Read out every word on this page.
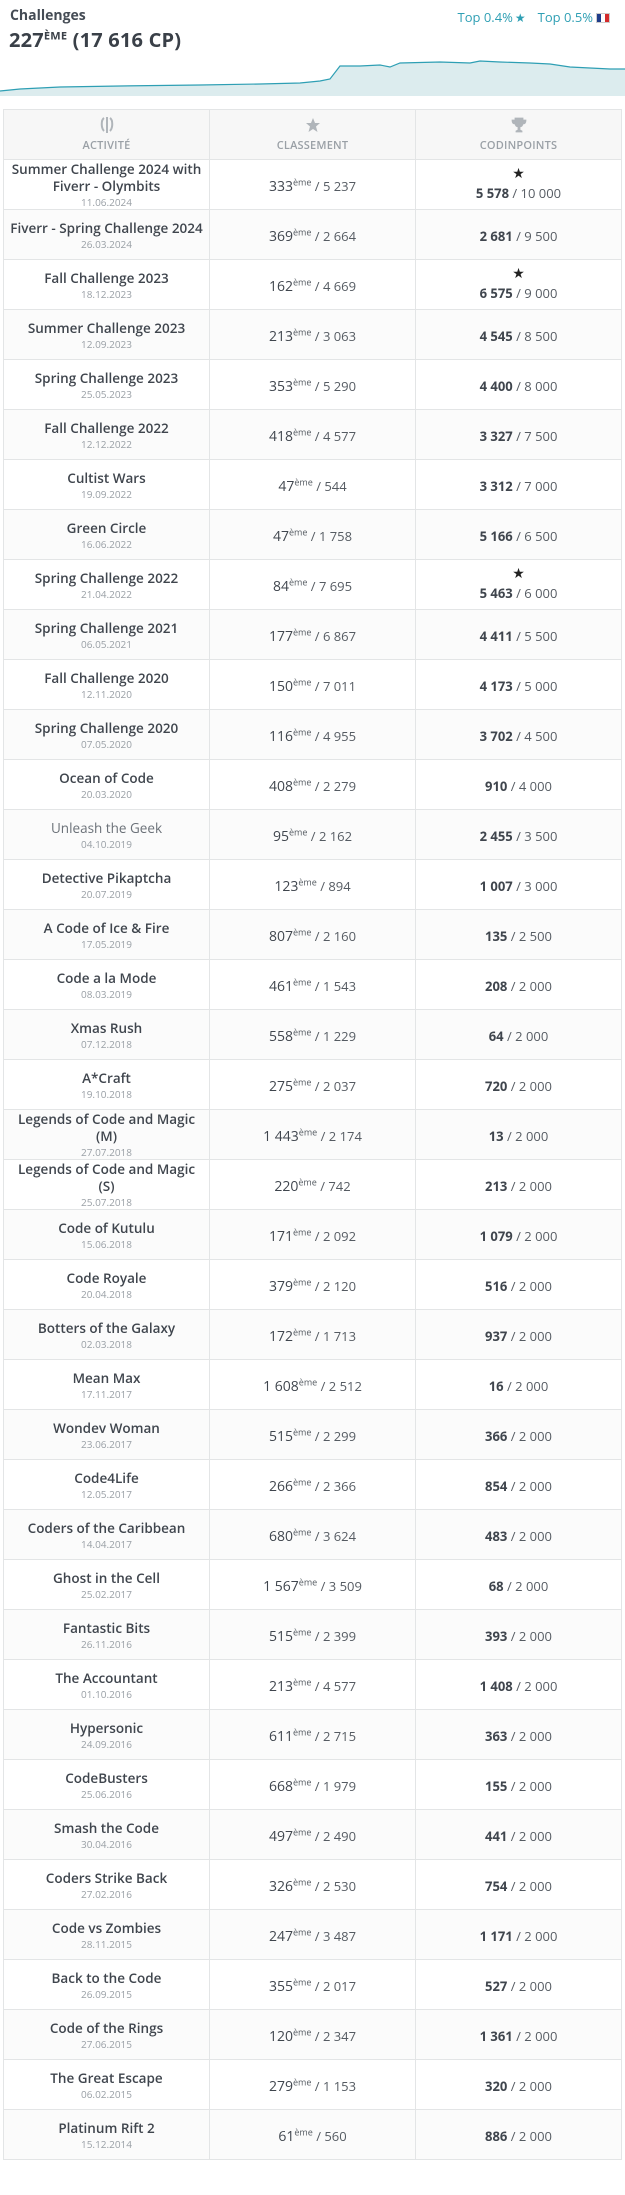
Challenges
227ÈME (17 616 CP)
Top 0.4% ★ Top 0.5%
ACTIVITÉ	CLASSEMENT	CODINPOINTS

Summer Challenge 2024 with Fiverr - Olymbits
11.06.2024	333ème / 5 237	★
5 578 / 10 000

Fiverr - Spring Challenge 2024
26.03.2024	369ème / 2 664	2 681 / 9 500

Fall Challenge 2023
18.12.2023	162ème / 4 669	★
6 575 / 9 000

Summer Challenge 2023
12.09.2023	213ème / 3 063	4 545 / 8 500

Spring Challenge 2023
25.05.2023	353ème / 5 290	4 400 / 8 000

Fall Challenge 2022
12.12.2022	418ème / 4 577	3 327 / 7 500

Cultist Wars
19.09.2022	47ème / 544	3 312 / 7 000

Green Circle
16.06.2022	47ème / 1 758	5 166 / 6 500

Spring Challenge 2022
21.04.2022	84ème / 7 695	★
5 463 / 6 000

Spring Challenge 2021
06.05.2021	177ème / 6 867	4 411 / 5 500

Fall Challenge 2020
12.11.2020	150ème / 7 011	4 173 / 5 000

Spring Challenge 2020
07.05.2020	116ème / 4 955	3 702 / 4 500

Ocean of Code
20.03.2020	408ème / 2 279	910 / 4 000

Unleash the Geek
04.10.2019	95ème / 2 162	2 455 / 3 500

Detective Pikaptcha
20.07.2019	123ème / 894	1 007 / 3 000

A Code of Ice & Fire
17.05.2019	807ème / 2 160	135 / 2 500

Code a la Mode
08.03.2019	461ème / 1 543	208 / 2 000

Xmas Rush
07.12.2018	558ème / 1 229	64 / 2 000

A*Craft
19.10.2018	275ème / 2 037	720 / 2 000

Legends of Code and Magic (M)
27.07.2018	1 443ème / 2 174	13 / 2 000

Legends of Code and Magic (S)
25.07.2018	220ème / 742	213 / 2 000

Code of Kutulu
15.06.2018	171ème / 2 092	1 079 / 2 000

Code Royale
20.04.2018	379ème / 2 120	516 / 2 000

Botters of the Galaxy
02.03.2018	172ème / 1 713	937 / 2 000

Mean Max
17.11.2017	1 608ème / 2 512	16 / 2 000

Wondev Woman
23.06.2017	515ème / 2 299	366 / 2 000

Code4Life
12.05.2017	266ème / 2 366	854 / 2 000

Coders of the Caribbean
14.04.2017	680ème / 3 624	483 / 2 000

Ghost in the Cell
25.02.2017	1 567ème / 3 509	68 / 2 000

Fantastic Bits
26.11.2016	515ème / 2 399	393 / 2 000

The Accountant
01.10.2016	213ème / 4 577	1 408 / 2 000

Hypersonic
24.09.2016	611ème / 2 715	363 / 2 000

CodeBusters
25.06.2016	668ème / 1 979	155 / 2 000

Smash the Code
30.04.2016	497ème / 2 490	441 / 2 000

Coders Strike Back
27.02.2016	326ème / 2 530	754 / 2 000

Code vs Zombies
28.11.2015	247ème / 3 487	1 171 / 2 000

Back to the Code
26.09.2015	355ème / 2 017	527 / 2 000

Code of the Rings
27.06.2015	120ème / 2 347	1 361 / 2 000

The Great Escape
06.02.2015	279ème / 1 153	320 / 2 000

Platinum Rift 2
15.12.2014	61ème / 560	886 / 2 000
